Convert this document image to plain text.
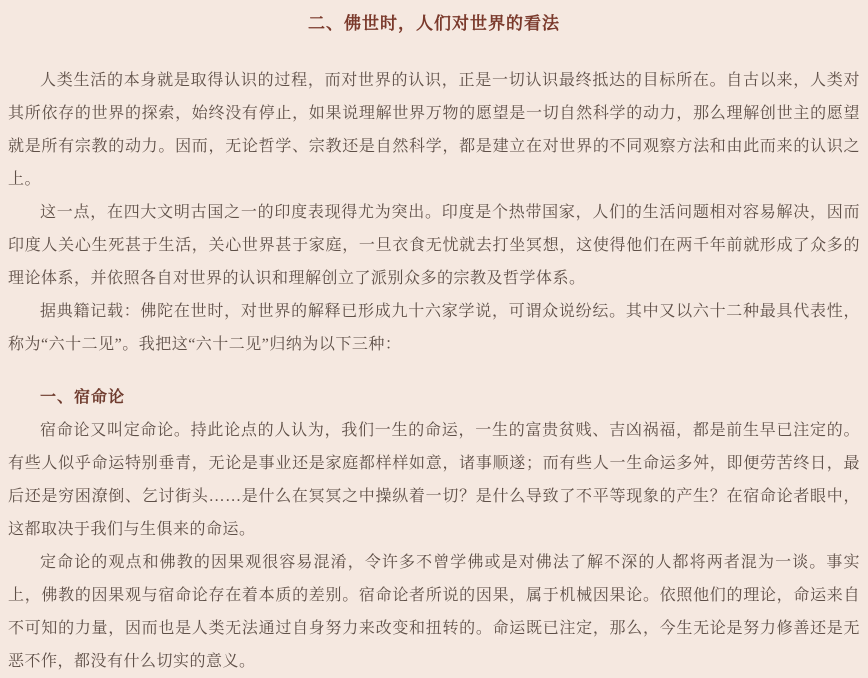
二、佛世时，人们对世界的看法

人类生活的本身就是取得认识的过程，而对世界的认识，正是一切认识最终抵达的目标所在。自古以来，人类对其所依存的世界的探索，始终没有停止，如果说理解世界万物的愿望是一切自然科学的动力，那么理解创世主的愿望就是所有宗教的动力。因而，无论哲学、宗教还是自然科学，都是建立在对世界的不同观察方法和由此而来的认识之上。

这一点，在四大文明古国之一的印度表现得尤为突出。印度是个热带国家，人们的生活问题相对容易解决，因而印度人关心生死甚于生活，关心世界甚于家庭，一旦衣食无忧就去打坐冥想，这使得他们在两千年前就形成了众多的理论体系，并依照各自对世界的认识和理解创立了派别众多的宗教及哲学体系。

据典籍记载：佛陀在世时，对世界的解释已形成九十六家学说，可谓众说纷纭。其中又以六十二种最具代表性，称为“六十二见”。我把这“六十二见”归纳为以下三种：

一、宿命论

宿命论又叫定命论。持此论点的人认为，我们一生的命运，一生的富贵贫贱、吉凶祸福，都是前生早已注定的。有些人似乎命运特别垂青，无论是事业还是家庭都样样如意，诸事顺遂；而有些人一生命运多舛，即便劳苦终日，最后还是穷困潦倒、乞讨街头……是什么在冥冥之中操纵着一切？是什么导致了不平等现象的产生？在宿命论者眼中，这都取决于我们与生俱来的命运。

定命论的观点和佛教的因果观很容易混淆，令许多不曾学佛或是对佛法了解不深的人都将两者混为一谈。事实上，佛教的因果观与宿命论存在着本质的差别。宿命论者所说的因果，属于机械因果论。依照他们的理论，命运来自不可知的力量，因而也是人类无法通过自身努力来改变和扭转的。命运既已注定，那么，今生无论是努力修善还是无恶不作，都没有什么切实的意义。
